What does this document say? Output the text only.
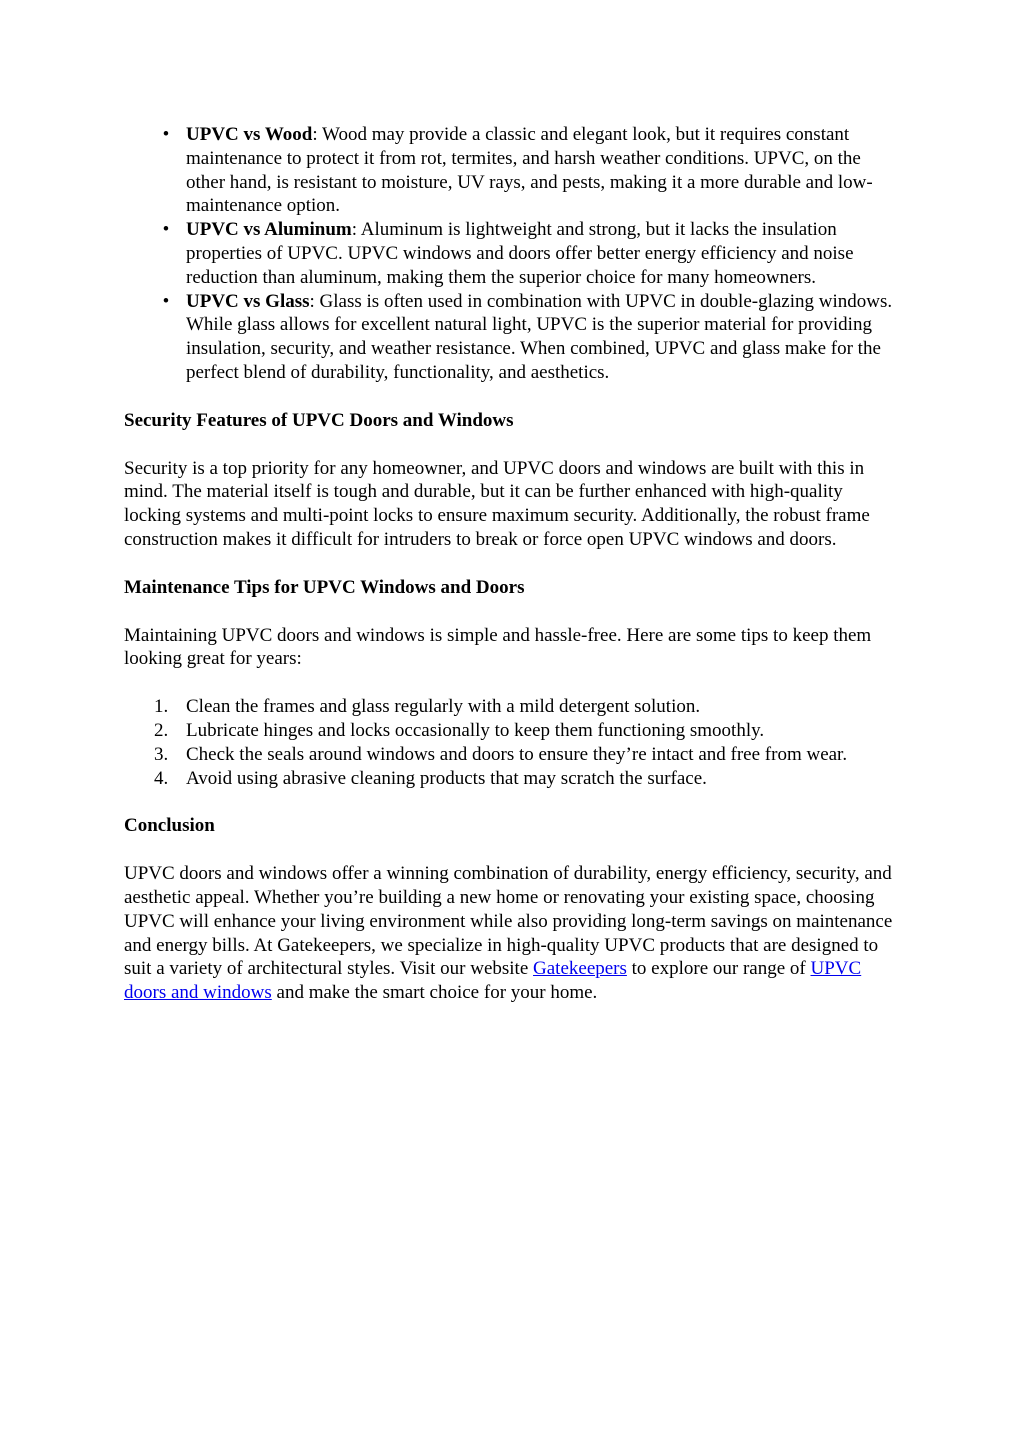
• UPVC vs Wood: Wood may provide a classic and elegant look, but it requires constant maintenance to protect it from rot, termites, and harsh weather conditions. UPVC, on the other hand, is resistant to moisture, UV rays, and pests, making it a more durable and low-maintenance option.
• UPVC vs Aluminum: Aluminum is lightweight and strong, but it lacks the insulation properties of UPVC. UPVC windows and doors offer better energy efficiency and noise reduction than aluminum, making them the superior choice for many homeowners.
• UPVC vs Glass: Glass is often used in combination with UPVC in double-glazing windows. While glass allows for excellent natural light, UPVC is the superior material for providing insulation, security, and weather resistance. When combined, UPVC and glass make for the perfect blend of durability, functionality, and aesthetics.
Security Features of UPVC Doors and Windows

Security is a top priority for any homeowner, and UPVC doors and windows are built with this in mind. The material itself is tough and durable, but it can be further enhanced with high-quality locking systems and multi-point locks to ensure maximum security. Additionally, the robust frame construction makes it difficult for intruders to break or force open UPVC windows and doors.

Maintenance Tips for UPVC Windows and Doors

Maintaining UPVC doors and windows is simple and hassle-free. Here are some tips to keep them looking great for years:

1. Clean the frames and glass regularly with a mild detergent solution.
2. Lubricate hinges and locks occasionally to keep them functioning smoothly.
3. Check the seals around windows and doors to ensure they’re intact and free from wear.
4. Avoid using abrasive cleaning products that may scratch the surface.
Conclusion

UPVC doors and windows offer a winning combination of durability, energy efficiency, security, and aesthetic appeal. Whether you’re building a new home or renovating your existing space, choosing UPVC will enhance your living environment while also providing long-term savings on maintenance and energy bills. At Gatekeepers, we specialize in high-quality UPVC products that are designed to suit a variety of architectural styles. Visit our website Gatekeepers to explore our range of UPVC doors and windows and make the smart choice for your home.
